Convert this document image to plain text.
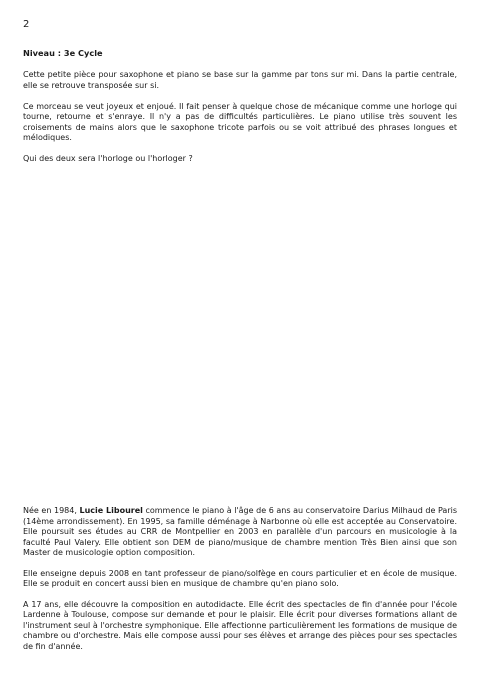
2
Niveau : 3e Cycle

Cette petite pièce pour saxophone et piano se base sur la gamme par tons sur mi. Dans la partie centrale, elle se retrouve transposée sur si.

Ce morceau se veut joyeux et enjoué. Il fait penser à quelque chose de mécanique comme une horloge qui tourne, retourne et s'enraye. Il n'y a pas de difficultés particulières. Le piano utilise très souvent les croisements de mains alors que le saxophone tricote parfois ou se voit attribué des phrases longues et mélodiques.

Qui des deux sera l'horloge ou l'horloger ?

Née en 1984, Lucie Libourel commence le piano à l'âge de 6 ans au conservatoire Darius Milhaud de Paris (14ème arrondissement). En 1995, sa famille déménage à Narbonne où elle est acceptée au Conservatoire. Elle poursuit ses études au CRR de Montpellier en 2003 en parallèle d'un parcours en musicologie à la faculté Paul Valery. Elle obtient son DEM de piano/musique de chambre mention Très Bien ainsi que son Master de musicologie option composition.

Elle enseigne depuis 2008 en tant professeur de piano/solfège en cours particulier et en école de musique. Elle se produit en concert aussi bien en musique de chambre qu'en piano solo.

A 17 ans, elle découvre la composition en autodidacte. Elle écrit des spectacles de fin d'année pour l'école Lardenne à Toulouse, compose sur demande et pour le plaisir. Elle écrit pour diverses formations allant de l'instrument seul à l'orchestre symphonique. Elle affectionne particulièrement les formations de musique de chambre ou d'orchestre. Mais elle compose aussi pour ses élèves et arrange des pièces pour ses spectacles de fin d'année.
